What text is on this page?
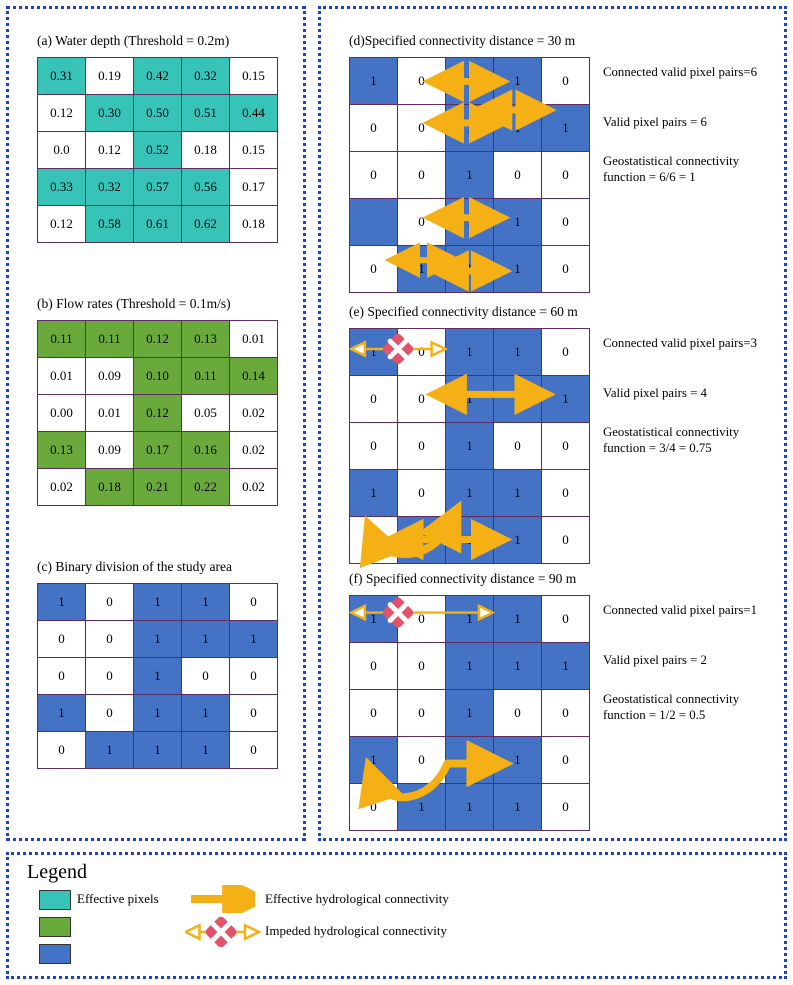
(a) Water depth (Threshold = 0.2m)
0.31	0.19	0.42	0.32	0.15
0.12	0.30	0.50	0.51	0.44
0.0	0.12	0.52	0.18	0.15
0.33	0.32	0.57	0.56	0.17
0.12	0.58	0.61	0.62	0.18
(b) Flow rates (Threshold = 0.1m/s)
0.11	0.11	0.12	0.13	0.01
0.01	0.09	0.10	0.11	0.14
0.00	0.01	0.12	0.05	0.02
0.13	0.09	0.17	0.16	0.02
0.02	0.18	0.21	0.22	0.02
(c) Binary division of the study area
1	0	1	1	0
0	0	1	1	1
0	0	1	0	0
1	0	1	1	0
0	1	1	1	0
(d)Specified connectivity distance = 30 m
1	0	1	1	0
0	0	1	1	1
0	0	1	0	0
	0	1	1	0
0	1	1	1	0
Connected valid pixel pairs=6
Valid pixel pairs = 6
Geostatistical connectivity function = 6/6 = 1
(e) Specified connectivity distance = 60 m
1	0	1	1	0
0	0	1	1	1
0	0	1	0	0
1	0	1	1	0
0	1	1	1	0
Connected valid pixel pairs=3
Valid pixel pairs = 4
Geostatistical connectivity function = 3/4 = 0.75
(f) Specified connectivity distance = 90 m
1	0	1	1	0
0	0	1	1	1
0	0	1	0	0
1	0	1	1	0
0	1	1	1	0
Connected valid pixel pairs=1
Valid pixel pairs = 2
Geostatistical connectivity function = 1/2 = 0.5
Legend
Effective pixels	Effective hydrological connectivity
Impeded hydrological connectivity
